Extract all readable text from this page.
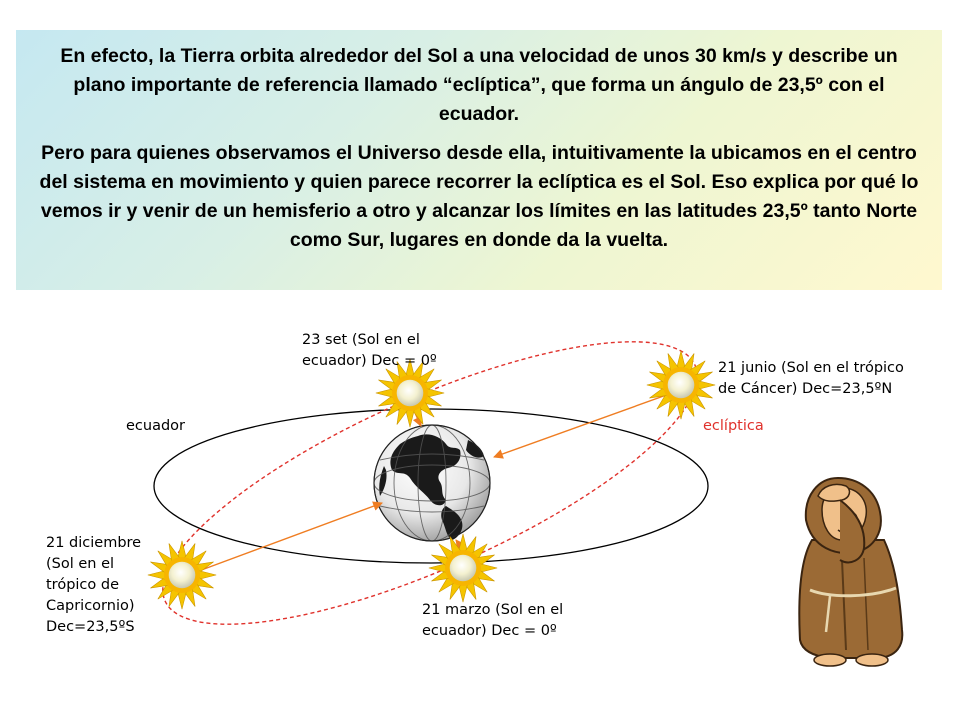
En efecto, la Tierra orbita alrededor del Sol a una velocidad de unos 30 km/s y describe un plano importante de referencia llamado “eclíptica”, que forma un ángulo de 23,5º con el ecuador.

Pero para quienes observamos el Universo desde ella, intuitivamente la ubicamos en el centro del sistema en movimiento y quien parece recorrer la eclíptica es el Sol. Eso explica por qué lo vemos ir y venir de un hemisferio a otro y alcanzar los límites en las latitudes 23,5º tanto Norte como Sur, lugares en donde da la vuelta.

ecuador	eclíptica
23 set (Sol en el
ecuador) Dec = 0º	21 junio (Sol en el trópico
de Cáncer) Dec=23,5ºN
21 diciembre
(Sol en el
trópico de
Capricornio)
Dec=23,5ºS
21 marzo (Sol en el
ecuador) Dec = 0º
